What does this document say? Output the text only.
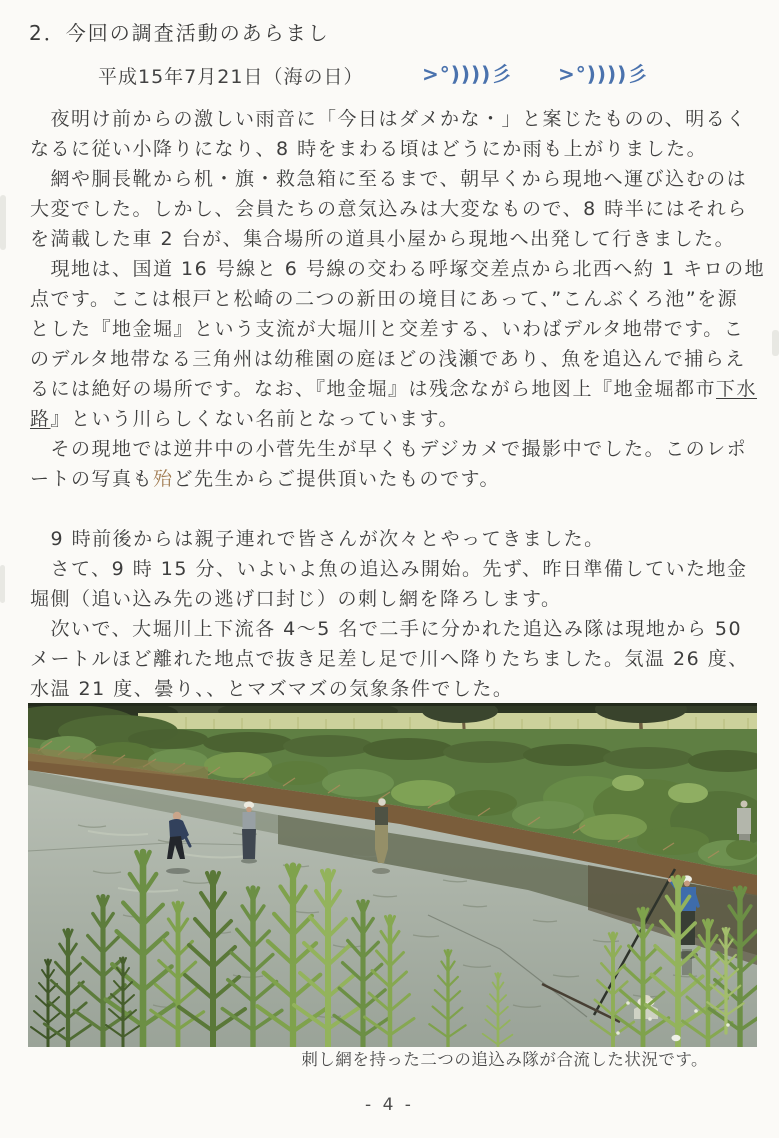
2．今回の調査活動のあらまし
平成15年7月21日（海の日）	>°))))彡 >°))))彡
　夜明け前からの激しい雨音に「今日はダメかな・」と案じたものの、明るく
なるに従い小降りになり、8 時をまわる頃はどうにか雨も上がりました。
　網や胴長靴から机・旗・救急箱に至るまで、朝早くから現地へ運び込むのは
大変でした。しかし、会員たちの意気込みは大変なもので、8 時半にはそれら
を満載した車 2 台が、集合場所の道具小屋から現地へ出発して行きました。
　現地は、国道 16 号線と 6 号線の交わる呼塚交差点から北西へ約 1 キロの地
点です。ここは根戸と松崎の二つの新田の境目にあって、”こんぶくろ池”を源
とした『地金堀』という支流が大堀川と交差する、いわばデルタ地帯です。こ
のデルタ地帯なる三角州は幼稚園の庭ほどの浅瀬であり、魚を追込んで捕らえ
るには絶好の場所です。なお、『地金堀』は残念ながら地図上『地金堀都市下水
路』という川らしくない名前となっています。
　その現地では逆井中の小菅先生が早くもデジカメで撮影中でした。このレポ
ートの写真も殆ど先生からご提供頂いたものです。
　9 時前後からは親子連れで皆さんが次々とやってきました。
　さて、9 時 15 分、いよいよ魚の追込み開始。先ず、昨日準備していた地金
堀側（追い込み先の逃げ口封じ）の刺し網を降ろします。
　次いで、大堀川上下流各 4～5 名で二手に分かれた追込み隊は現地から 50
メートルほど離れた地点で抜き足差し足で川へ降りたちました。気温 26 度、
水温 21 度、曇り、、とマズマズの気象条件でした。
刺し網を持った二つの追込み隊が合流した状況です。
- 4 -
